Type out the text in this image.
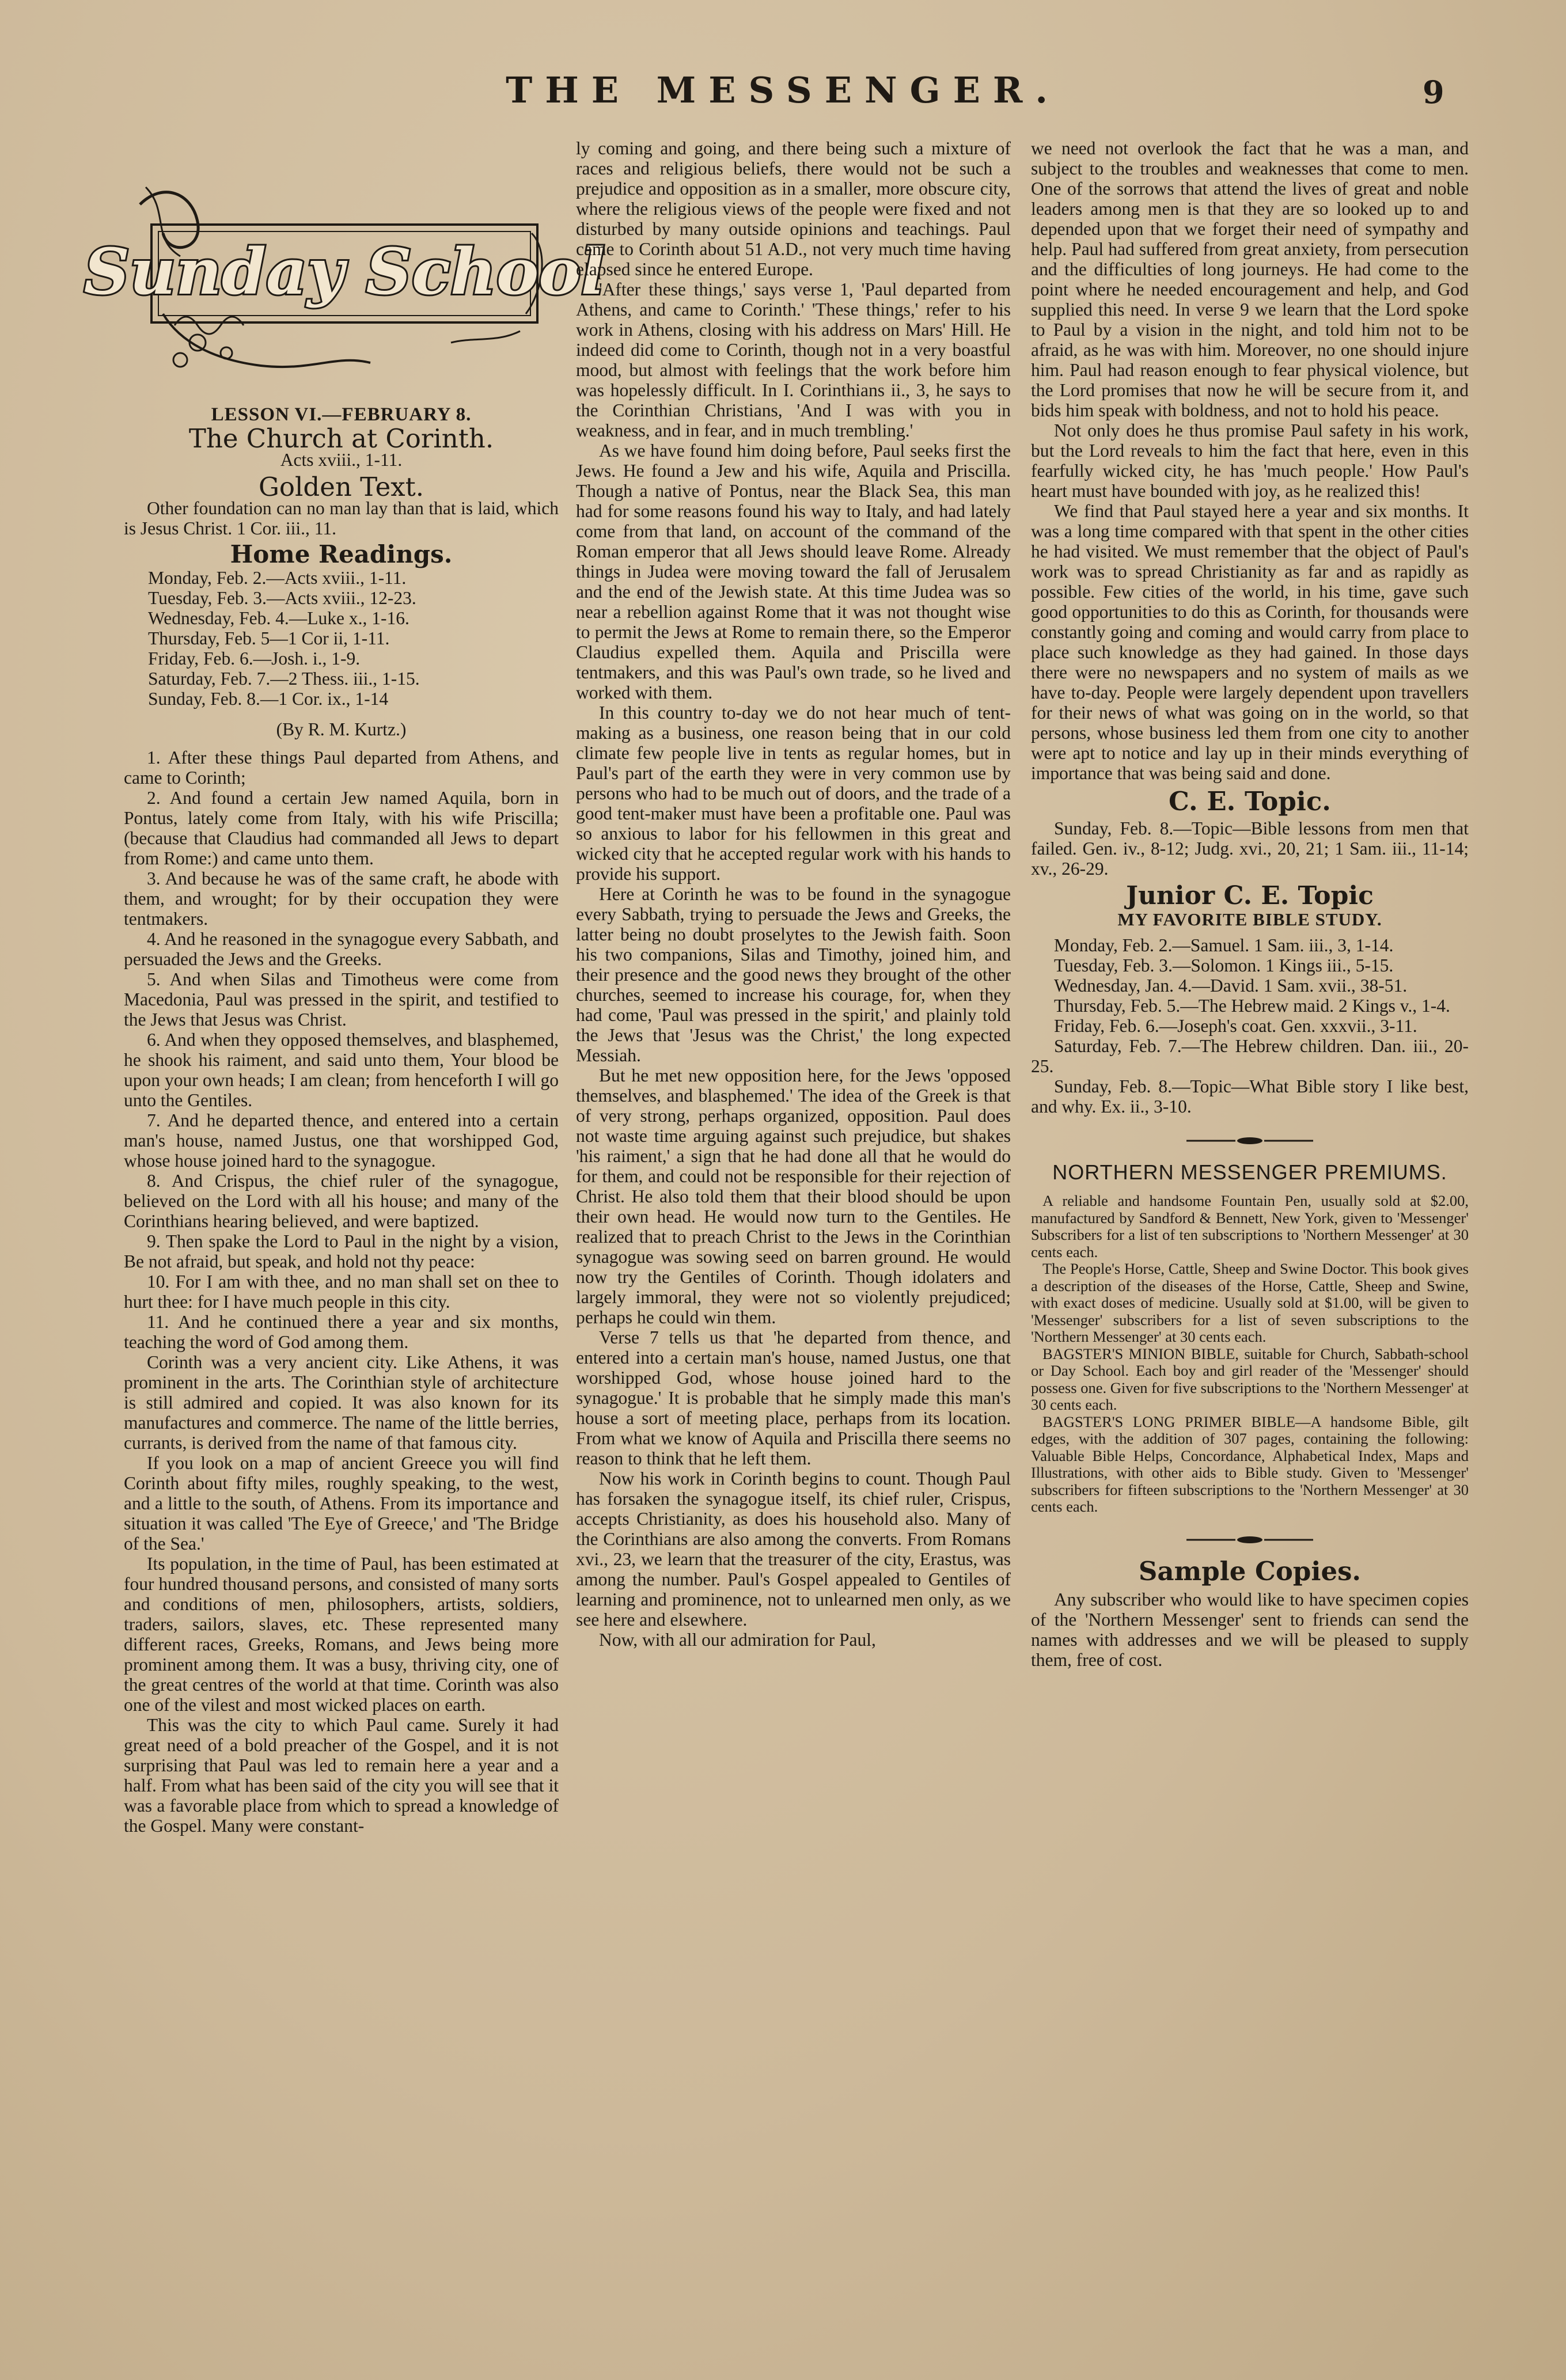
THE MESSENGER.	9
Sunday School
LESSON VI.—FEBRUARY 8.
The Church at Corinth.
Acts xviii., 1-11.
Golden Text.

Other foundation can no man lay than that is laid, which is Jesus Christ. 1 Cor. iii., 11.

Home Readings.
Monday, Feb. 2.—Acts xviii., 1-11.
Tuesday, Feb. 3.—Acts xviii., 12-23.
Wednesday, Feb. 4.—Luke x., 1-16.
Thursday, Feb. 5—1 Cor ii, 1-11.
Friday, Feb. 6.—Josh. i., 1-9.
Saturday, Feb. 7.—2 Thess. iii., 1-15.
Sunday, Feb. 8.—1 Cor. ix., 1-14
(By R. M. Kurtz.)

1. After these things Paul departed from Athens, and came to Corinth;

2. And found a certain Jew named Aquila, born in Pontus, lately come from Italy, with his wife Priscilla; (because that Claudius had commanded all Jews to depart from Rome:) and came unto them.

3. And because he was of the same craft, he abode with them, and wrought; for by their occupation they were tentmakers.

4. And he reasoned in the synagogue every Sabbath, and persuaded the Jews and the Greeks.

5. And when Silas and Timotheus were come from Macedonia, Paul was pressed in the spirit, and testified to the Jews that Jesus was Christ.

6. And when they opposed themselves, and blasphemed, he shook his raiment, and said unto them, Your blood be upon your own heads; I am clean; from henceforth I will go unto the Gentiles.

7. And he departed thence, and entered into a certain man's house, named Justus, one that worshipped God, whose house joined hard to the synagogue.

8. And Crispus, the chief ruler of the synagogue, believed on the Lord with all his house; and many of the Corinthians hearing believed, and were baptized.

9. Then spake the Lord to Paul in the night by a vision, Be not afraid, but speak, and hold not thy peace:

10. For I am with thee, and no man shall set on thee to hurt thee: for I have much people in this city.

11. And he continued there a year and six months, teaching the word of God among them.

Corinth was a very ancient city. Like Athens, it was prominent in the arts. The Corinthian style of architecture is still admired and copied. It was also known for its manufactures and commerce. The name of the little berries, currants, is derived from the name of that famous city.

If you look on a map of ancient Greece you will find Corinth about fifty miles, roughly speaking, to the west, and a little to the south, of Athens. From its importance and situation it was called 'The Eye of Greece,' and 'The Bridge of the Sea.'

Its population, in the time of Paul, has been estimated at four hundred thousand persons, and consisted of many sorts and conditions of men, philosophers, artists, soldiers, traders, sailors, slaves, etc. These represented many different races, Greeks, Romans, and Jews being more prominent among them. It was a busy, thriving city, one of the great centres of the world at that time. Corinth was also one of the vilest and most wicked places on earth.

This was the city to which Paul came. Surely it had great need of a bold preacher of the Gospel, and it is not surprising that Paul was led to remain here a year and a half. From what has been said of the city you will see that it was a favorable place from which to spread a knowledge of the Gospel. Many were constant-

ly coming and going, and there being such a mixture of races and religious beliefs, there would not be such a prejudice and opposition as in a smaller, more obscure city, where the religious views of the people were fixed and not disturbed by many outside opinions and teachings. Paul came to Corinth about 51 A.D., not very much time having elapsed since he entered Europe.

'After these things,' says verse 1, 'Paul departed from Athens, and came to Corinth.' 'These things,' refer to his work in Athens, closing with his address on Mars' Hill. He indeed did come to Corinth, though not in a very boastful mood, but almost with feelings that the work before him was hopelessly difficult. In I. Corinthians ii., 3, he says to the Corinthian Christians, 'And I was with you in weakness, and in fear, and in much trembling.'

As we have found him doing before, Paul seeks first the Jews. He found a Jew and his wife, Aquila and Priscilla. Though a native of Pontus, near the Black Sea, this man had for some reasons found his way to Italy, and had lately come from that land, on account of the command of the Roman emperor that all Jews should leave Rome. Already things in Judea were moving toward the fall of Jerusalem and the end of the Jewish state. At this time Judea was so near a rebellion against Rome that it was not thought wise to permit the Jews at Rome to remain there, so the Emperor Claudius expelled them. Aquila and Priscilla were tentmakers, and this was Paul's own trade, so he lived and worked with them.

In this country to-day we do not hear much of tent-making as a business, one reason being that in our cold climate few people live in tents as regular homes, but in Paul's part of the earth they were in very common use by persons who had to be much out of doors, and the trade of a good tent-maker must have been a profitable one. Paul was so anxious to labor for his fellowmen in this great and wicked city that he accepted regular work with his hands to provide his support.

Here at Corinth he was to be found in the synagogue every Sabbath, trying to persuade the Jews and Greeks, the latter being no doubt proselytes to the Jewish faith. Soon his two companions, Silas and Timothy, joined him, and their presence and the good news they brought of the other churches, seemed to increase his courage, for, when they had come, 'Paul was pressed in the spirit,' and plainly told the Jews that 'Jesus was the Christ,' the long expected Messiah.

But he met new opposition here, for the Jews 'opposed themselves, and blasphemed.' The idea of the Greek is that of very strong, perhaps organized, opposition. Paul does not waste time arguing against such prejudice, but shakes 'his raiment,' a sign that he had done all that he would do for them, and could not be responsible for their rejection of Christ. He also told them that their blood should be upon their own head. He would now turn to the Gentiles. He realized that to preach Christ to the Jews in the Corinthian synagogue was sowing seed on barren ground. He would now try the Gentiles of Corinth. Though idolaters and largely immoral, they were not so violently prejudiced; perhaps he could win them.

Verse 7 tells us that 'he departed from thence, and entered into a certain man's house, named Justus, one that worshipped God, whose house joined hard to the synagogue.' It is probable that he simply made this man's house a sort of meeting place, perhaps from its location. From what we know of Aquila and Priscilla there seems no reason to think that he left them.

Now his work in Corinth begins to count. Though Paul has forsaken the synagogue itself, its chief ruler, Crispus, accepts Christianity, as does his household also. Many of the Corinthians are also among the converts. From Romans xvi., 23, we learn that the treasurer of the city, Erastus, was among the number. Paul's Gospel appealed to Gentiles of learning and prominence, not to unlearned men only, as we see here and elsewhere.

Now, with all our admiration for Paul,

we need not overlook the fact that he was a man, and subject to the troubles and weaknesses that come to men. One of the sorrows that attend the lives of great and noble leaders among men is that they are so looked up to and depended upon that we forget their need of sympathy and help. Paul had suffered from great anxiety, from persecution and the difficulties of long journeys. He had come to the point where he needed encouragement and help, and God supplied this need. In verse 9 we learn that the Lord spoke to Paul by a vision in the night, and told him not to be afraid, as he was with him. Moreover, no one should injure him. Paul had reason enough to fear physical violence, but the Lord promises that now he will be secure from it, and bids him speak with boldness, and not to hold his peace.

Not only does he thus promise Paul safety in his work, but the Lord reveals to him the fact that here, even in this fearfully wicked city, he has 'much people.' How Paul's heart must have bounded with joy, as he realized this!

We find that Paul stayed here a year and six months. It was a long time compared with that spent in the other cities he had visited. We must remember that the object of Paul's work was to spread Christianity as far and as rapidly as possible. Few cities of the world, in his time, gave such good opportunities to do this as Corinth, for thousands were constantly going and coming and would carry from place to place such knowledge as they had gained. In those days there were no newspapers and no system of mails as we have to-day. People were largely dependent upon travellers for their news of what was going on in the world, so that persons, whose business led them from one city to another were apt to notice and lay up in their minds everything of importance that was being said and done.

C. E. Topic.

Sunday, Feb. 8.—Topic—Bible lessons from men that failed. Gen. iv., 8-12; Judg. xvi., 20, 21; 1 Sam. iii., 11-14; xv., 26-29.

Junior C. E. Topic
MY FAVORITE BIBLE STUDY.

Monday, Feb. 2.—Samuel. 1 Sam. iii., 3, 1-14.

Tuesday, Feb. 3.—Solomon. 1 Kings iii., 5-15.

Wednesday, Jan. 4.—David. 1 Sam. xvii., 38-51.

Thursday, Feb. 5.—The Hebrew maid. 2 Kings v., 1-4.

Friday, Feb. 6.—Joseph's coat. Gen. xxxvii., 3-11.

Saturday, Feb. 7.—The Hebrew children. Dan. iii., 20-25.

Sunday, Feb. 8.—Topic—What Bible story I like best, and why. Ex. ii., 3-10.

NORTHERN MESSENGER PREMIUMS.

A reliable and handsome Fountain Pen, usually sold at $2.00, manufactured by Sandford & Bennett, New York, given to 'Messenger' Subscribers for a list of ten subscriptions to 'Northern Messenger' at 30 cents each.

The People's Horse, Cattle, Sheep and Swine Doctor. This book gives a description of the diseases of the Horse, Cattle, Sheep and Swine, with exact doses of medicine. Usually sold at $1.00, will be given to 'Messenger' subscribers for a list of seven subscriptions to the 'Northern Messenger' at 30 cents each.

BAGSTER'S MINION BIBLE, suitable for Church, Sabbath-school or Day School. Each boy and girl reader of the 'Messenger' should possess one. Given for five subscriptions to the 'Northern Messenger' at 30 cents each.

BAGSTER'S LONG PRIMER BIBLE—A handsome Bible, gilt edges, with the addition of 307 pages, containing the following: Valuable Bible Helps, Concordance, Alphabetical Index, Maps and Illustrations, with other aids to Bible study. Given to 'Messenger' subscribers for fifteen subscriptions to the 'Northern Messenger' at 30 cents each.

Sample Copies.

Any subscriber who would like to have specimen copies of the 'Northern Messenger' sent to friends can send the names with addresses and we will be pleased to supply them, free of cost.
